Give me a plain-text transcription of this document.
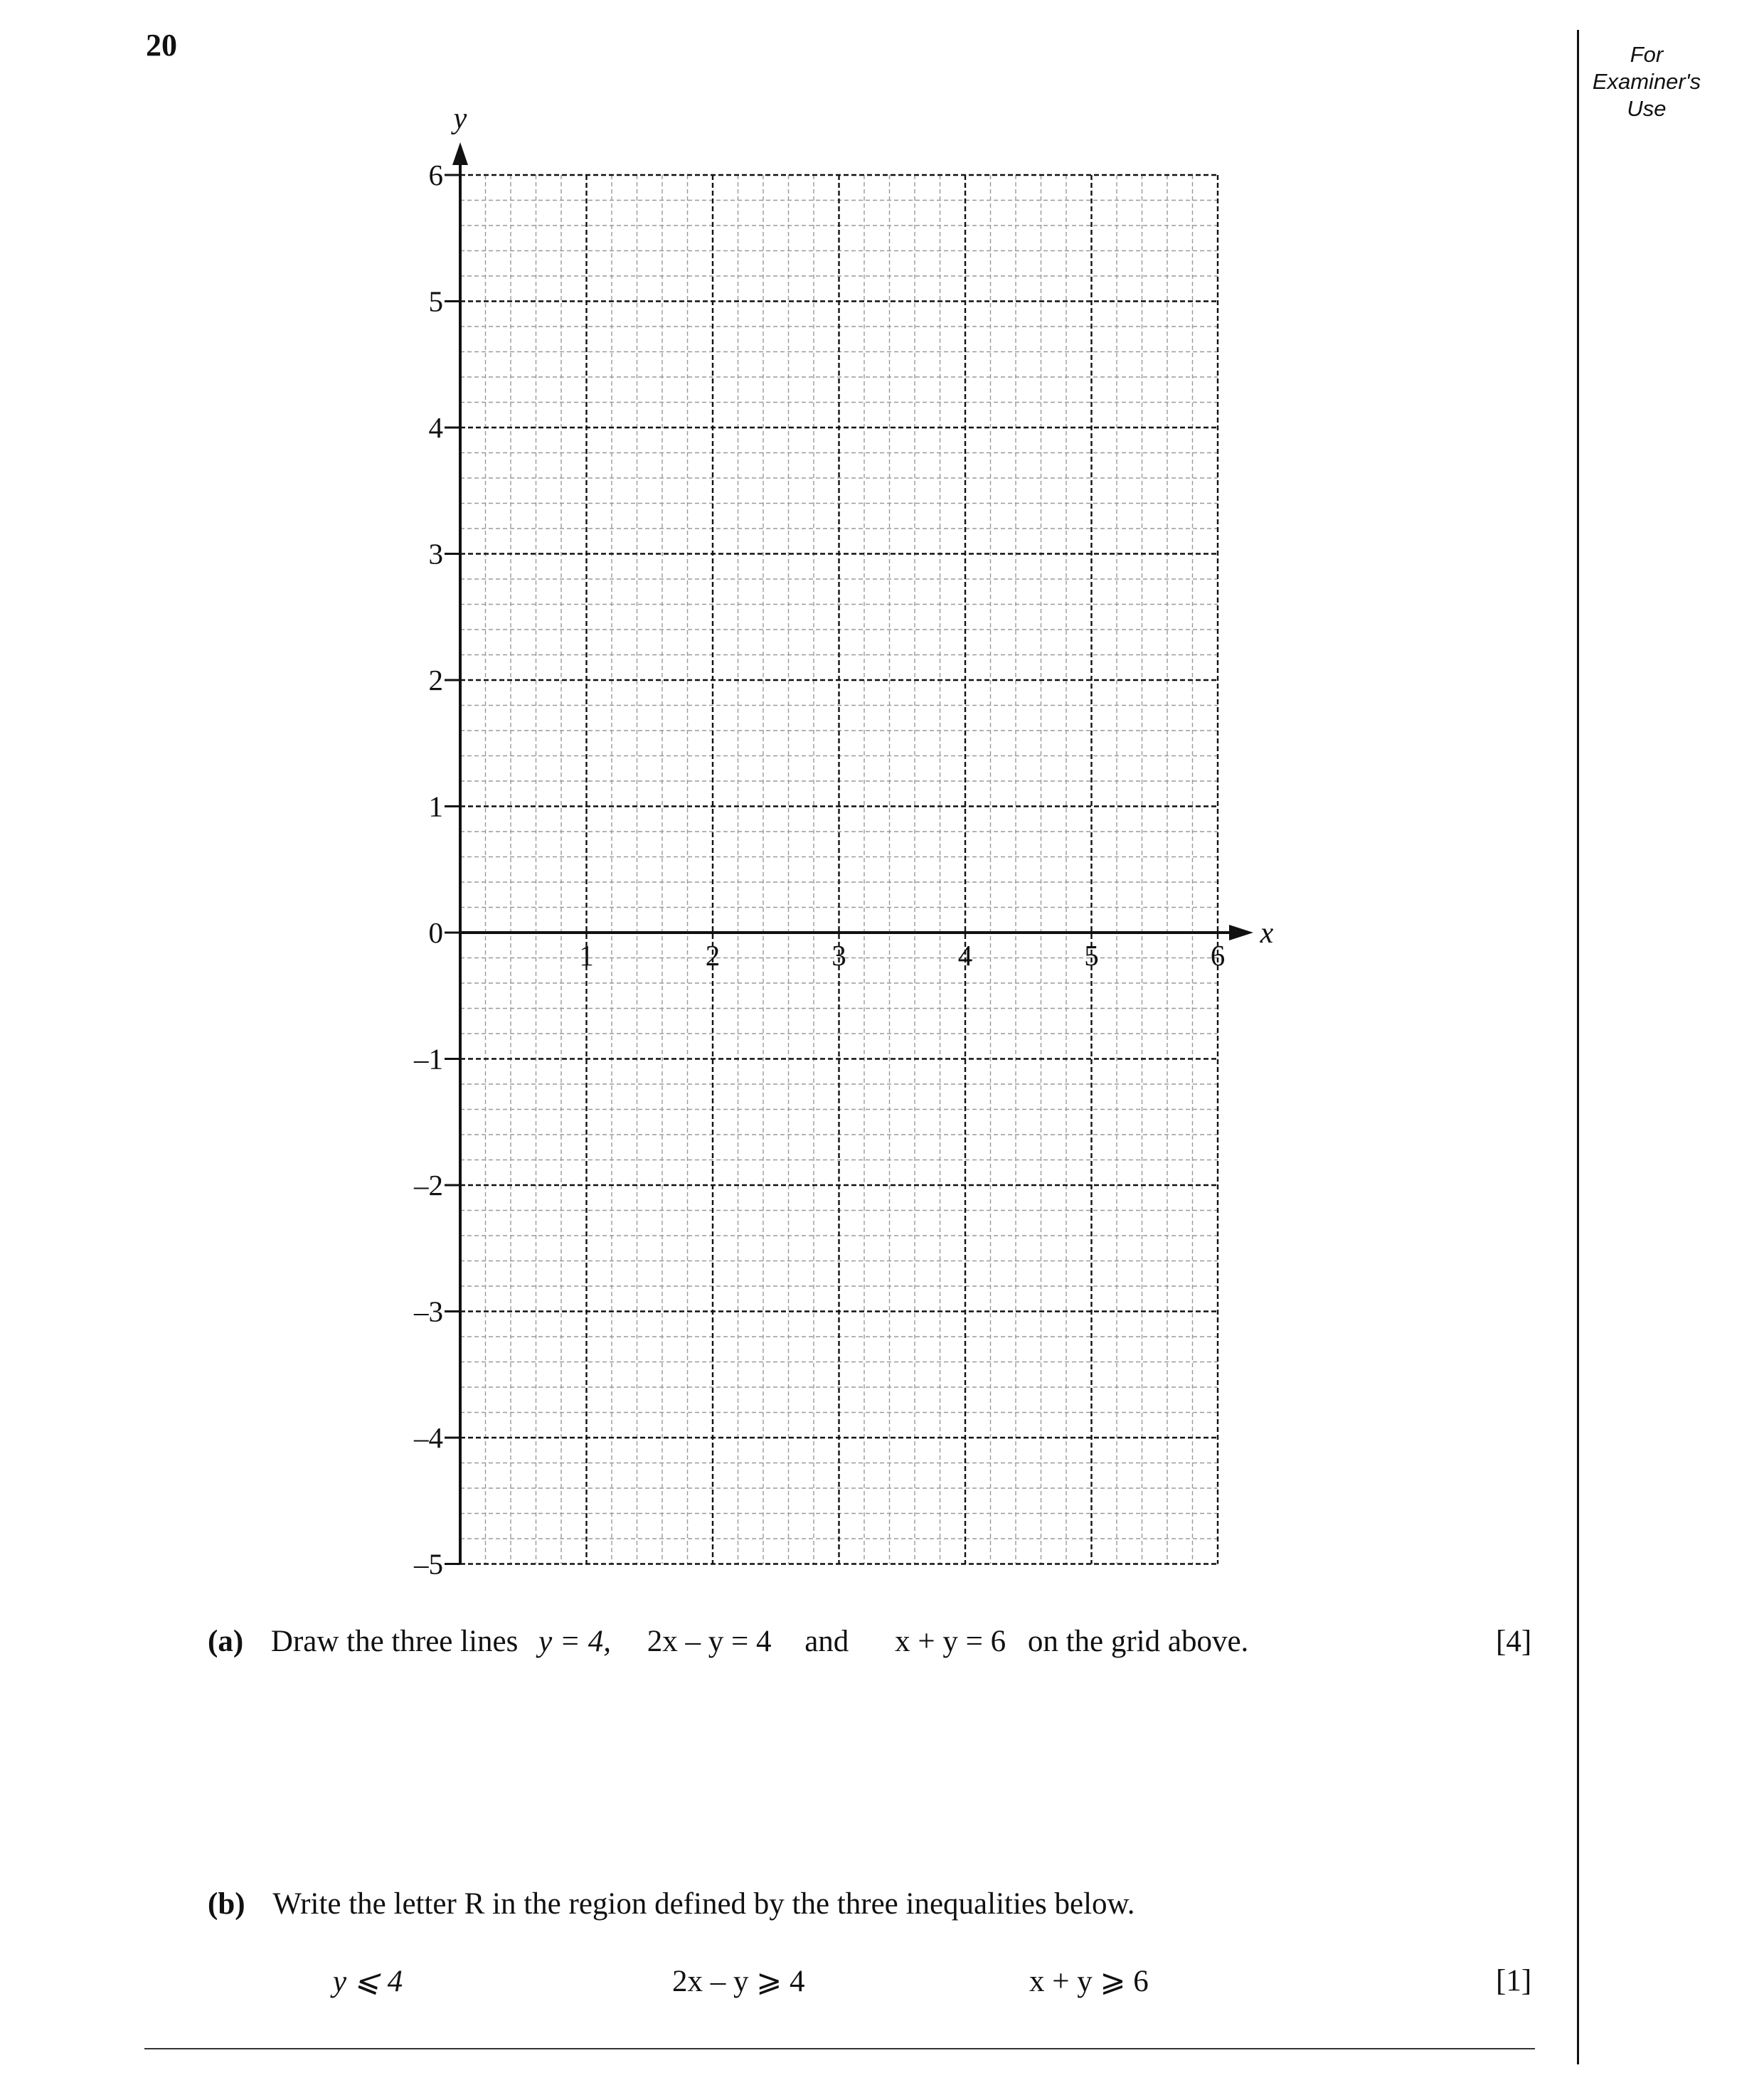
20	For
Examiner's
Use
6
5
4
3
2
1
0
–1
–2
–3
–4
–5
1	2	3	4	5	6
y
x
(a) Draw the three lines y = 4, 2x – y = 4 and x + y = 6 on the grid above.	[4]
(b) Write the letter R in the region defined by the three inequalities below.
y ⩽ 4	2x – y ⩾ 4	x + y ⩾ 6	[1]
